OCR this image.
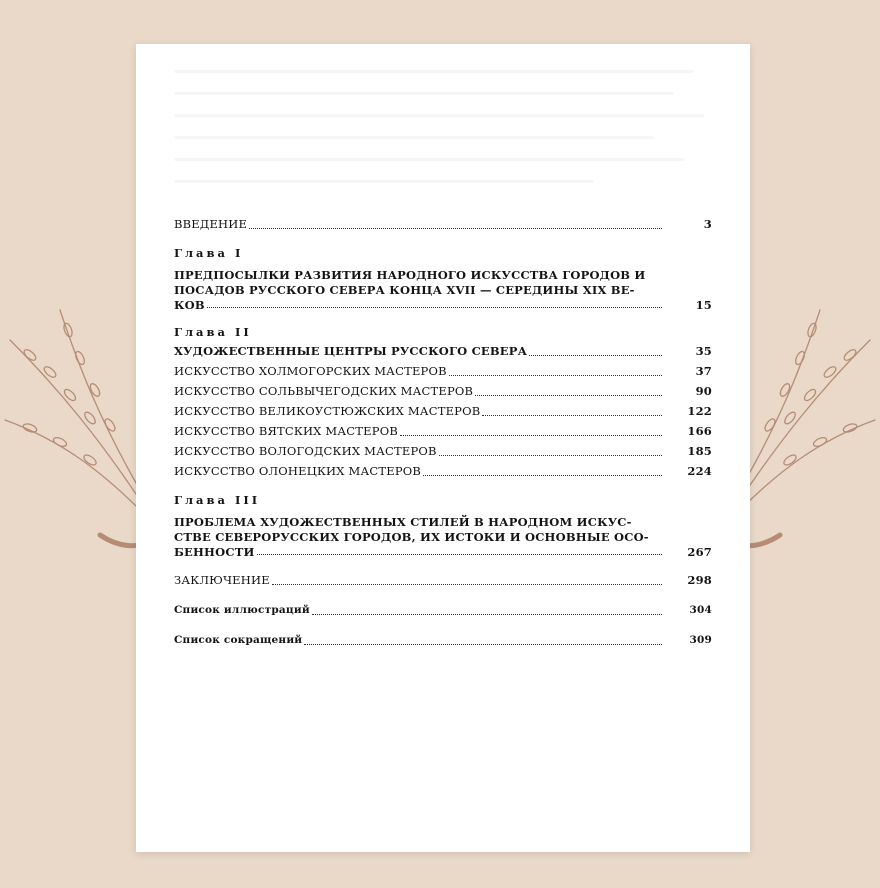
ВВЕДЕНИЕ	3
Глава I
ПРЕДПОСЫЛКИ РАЗВИТИЯ НАРОДНОГО ИСКУССТВА ГОРОДОВ И
ПОСАДОВ РУССКОГО СЕВЕРА КОНЦА XVII — СЕРЕДИНЫ XIX ВЕ-
КОВ	15
Глава II
ХУДОЖЕСТВЕННЫЕ ЦЕНТРЫ РУССКОГО СЕВЕРА	35
ИСКУССТВО ХОЛМОГОРСКИХ МАСТЕРОВ	37
ИСКУССТВО СОЛЬВЫЧЕГОДСКИХ МАСТЕРОВ	90
ИСКУССТВО ВЕЛИКОУСТЮЖСКИХ МАСТЕРОВ	122
ИСКУССТВО ВЯТСКИХ МАСТЕРОВ	166
ИСКУССТВО ВОЛОГОДСКИХ МАСТЕРОВ	185
ИСКУССТВО ОЛОНЕЦКИХ МАСТЕРОВ	224
Глава III
ПРОБЛЕМА ХУДОЖЕСТВЕННЫХ СТИЛЕЙ В НАРОДНОМ ИСКУС-
СТВЕ СЕВЕРОРУССКИХ ГОРОДОВ, ИХ ИСТОКИ И ОСНОВНЫЕ ОСО-
БЕННОСТИ	267
ЗАКЛЮЧЕНИЕ	298
Список иллюстраций	304
Список сокращений	309
